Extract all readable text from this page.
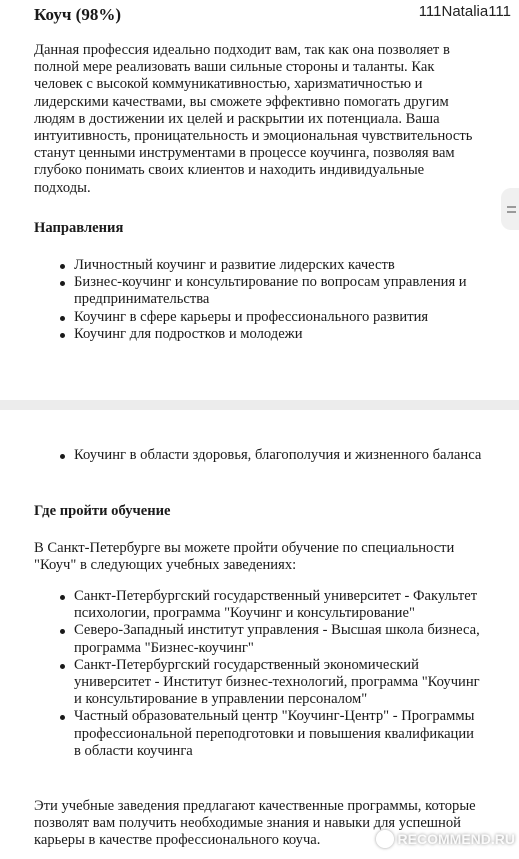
Коуч (98%)	111Natalia111

Данная профессия идеально подходит вам, так как она позволяет в полной мере реализовать ваши сильные стороны и таланты. Как человек с высокой коммуникативностью, харизматичностью и лидерскими качествами, вы сможете эффективно помогать другим людям в достижении их целей и раскрытии их потенциала. Ваша интуитивность, проницательность и эмоциональная чувствительность станут ценными инструментами в процессе коучинга, позволяя вам глубоко понимать своих клиентов и находить индивидуальные подходы.

Направления
Личностный коучинг и развитие лидерских качеств
Бизнес-коучинг и консультирование по вопросам управления и предпринимательства
Коучинг в сфере карьеры и профессионального развития
Коучинг для подростков и молодежи
Коучинг в области здоровья, благополучия и жизненного баланса
Где пройти обучение

В Санкт-Петербурге вы можете пройти обучение по специальности "Коуч" в следующих учебных заведениях:

Санкт-Петербургский государственный университет - Факультет психологии, программа "Коучинг и консультирование"
Северо-Западный институт управления - Высшая школа бизнеса, программа "Бизнес-коучинг"
Санкт-Петербургский государственный экономический университет - Институт бизнес-технологий, программа "Коучинг и консультирование в управлении персоналом"
Частный образовательный центр "Коучинг-Центр" - Программы профессиональной переподготовки и повышения квалификации в области коучинга

Эти учебные заведения предлагают качественные программы, которые позволят вам получить необходимые знания и навыки для успешной карьеры в качестве профессионального коуча.	RECOMMEND.RU
